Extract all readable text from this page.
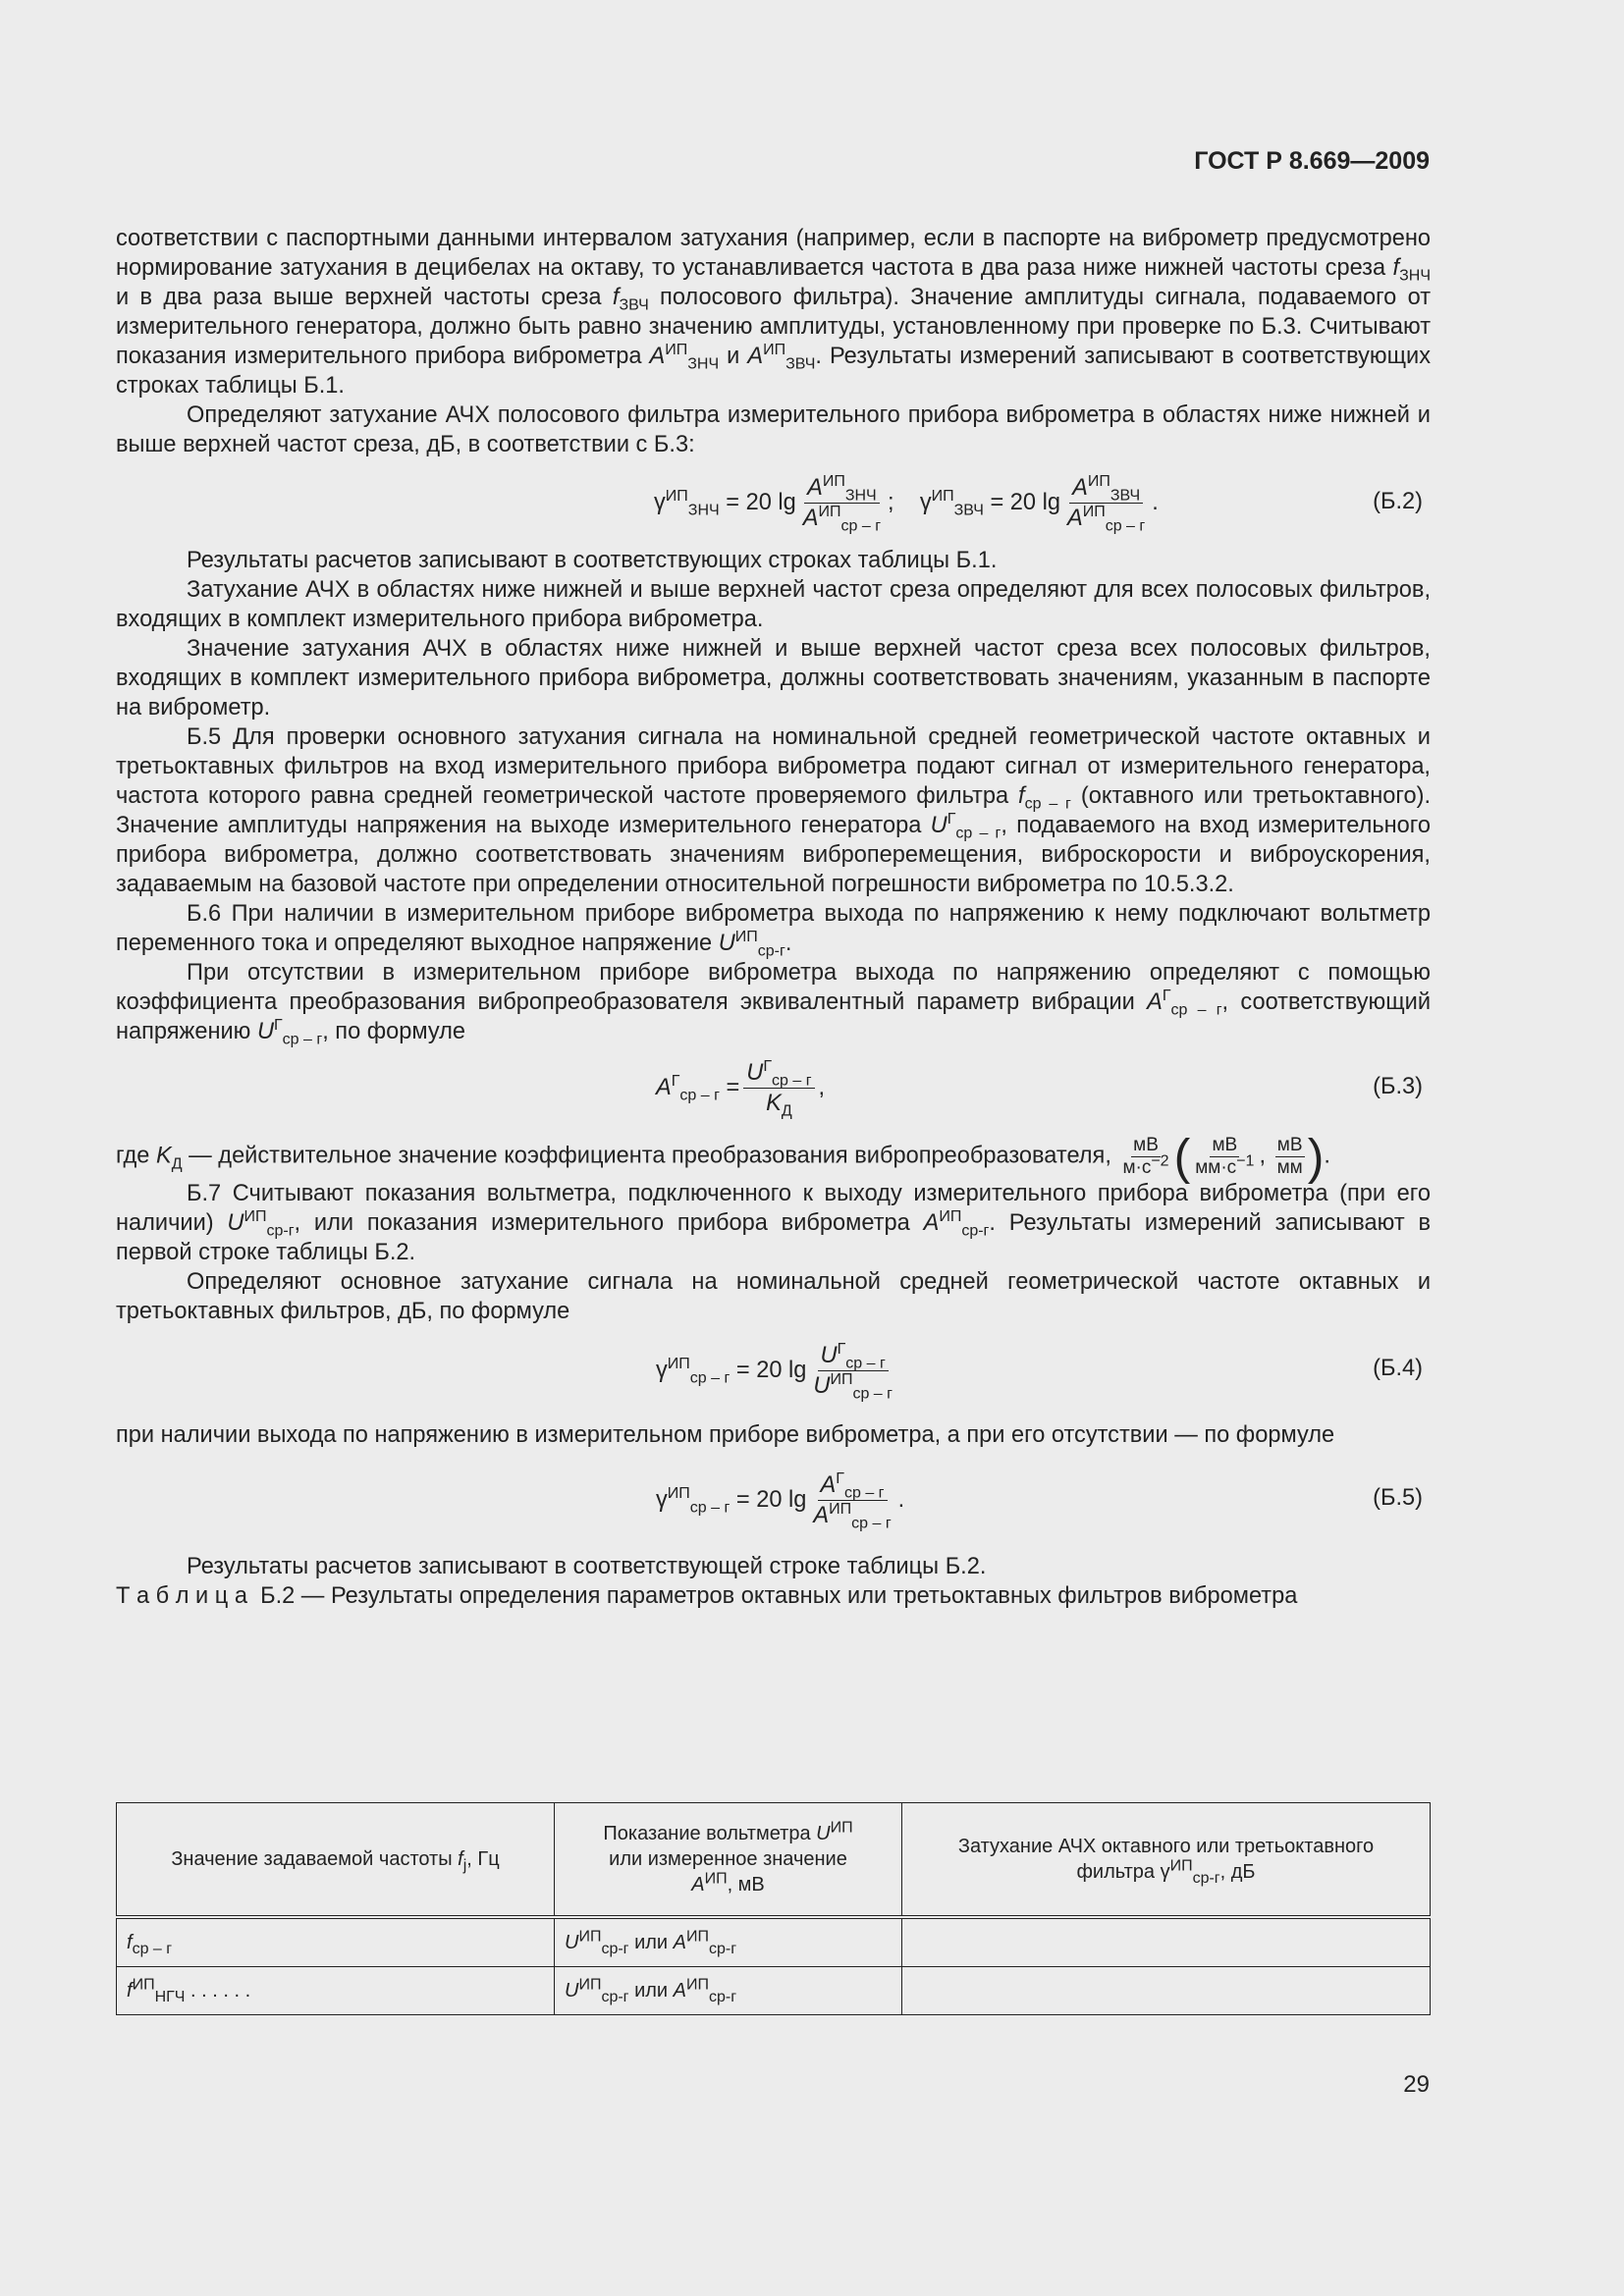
ГОСТ Р 8.669—2009

соответствии с паспортными данными интервалом затухания (например, если в паспорте на виброметр предусмотрено нормирование затухания в децибелах на октаву, то устанавливается частота в два раза ниже нижней частоты среза $f_{ЗНЧ}$ и в два раза выше верхней частоты среза $f_{ЗВЧ}$ полосового фильтра). Значение амплитуды сигнала, подаваемого от измерительного генератора, должно быть равно значению амплитуды, установленному при проверке по Б.3. Считывают показания измерительного прибора виброметра $A^{ИП}_{ЗНЧ}$ и $A^{ИП}_{ЗВЧ}$. Результаты измерений записывают в соответствующих строках таблицы Б.1.

Определяют затухание АЧХ полосового фильтра измерительного прибора виброметра в областях ниже нижней и выше верхней частот среза, дБ, в соответствии с Б.3:

$\gamma^{ИП}_{ЗНЧ}$
= 20 $\lg \frac{A^{ИП}_{ЗНЧ}}{A^{ИП}_{ср - г}}$ ; $\gamma^{ИП}_{ЗВЧ}$
= 20 $\lg \frac{A^{ИП}_{ЗВЧ}}{A^{ИП}_{ср - г}}$ .	(Б.2)

Результаты расчетов записывают в соответствующих строках таблицы Б.1.

Затухание АЧХ в областях ниже нижней и выше верхней частот среза определяют для всех полосовых фильтров, входящих в комплект измерительного прибора виброметра.

Значение затухания АЧХ в областях ниже нижней и выше верхней частот среза всех полосовых фильтров, входящих в комплект измерительного прибора виброметра, должны соответствовать значениям, указанным в паспорте на виброметр.

Б.5 Для проверки основного затухания сигнала на номинальной средней геометрической частоте октавных и третьоктавных фильтров на вход измерительного прибора виброметра подают сигнал от измерительного генератора, частота которого равна средней геометрической частоте проверяемого фильтра $f_{ср - г}$ (октавного или третьоктавного). Значение амплитуды напряжения на выходе измерительного генератора $U^Г_{ср - г}$, подаваемого на вход измерительного прибора виброметра, должно соответствовать значениям виброперемещения, виброскорости и виброускорения, задаваемым на базовой частоте при определении относительной погрешности виброметра по 10.5.3.2.

Б.6 При наличии в измерительном приборе виброметра выхода по напряжению к нему подключают вольтметр переменного тока и определяют выходное напряжение $U^{ИП}_{ср-г}$.

При отсутствии в измерительном приборе виброметра выхода по напряжению определяют с помощью коэффициента преобразования вибропреобразователя эквивалентный параметр вибрации $A^Г_{ср - г}$, соответствующий напряжению $U^Г_{ср - г}$, по формуле

$A^Г_{ср - г} = \frac{U^Г_{ср - г}}{K_Д}$ ,	(Б.3)

где $K_Д$ — действительное значение коэффициента преобразования вибропреобразователя, мВ
$м\cdot с^{-2}$ ( мВ
$мм\cdot с^{-1}$ , мВ
мм ).

Б.7 Считывают показания вольтметра, подключенного к выходу измерительного прибора виброметра (при его наличии) $U^{ИП}_{ср-г}$, или показания измерительного прибора виброметра $A^{ИП}_{ср-г}$. Результаты измерений записывают в первой строке таблицы Б.2.

Определяют основное затухание сигнала на номинальной средней геометрической частоте октавных и третьоктавных фильтров, дБ, по формуле

$\gamma^{ИП}_{ср - г}$
= 20 $\lg \frac{U^Г_{ср - г}}{U^{ИП}_{ср - г}}$	(Б.4)

при наличии выхода по напряжению в измерительном приборе виброметра, а при его отсутствии — по формуле

$\gamma^{ИП}_{ср - г}$
= 20 $\lg \frac{A^Г_{ср - г}}{A^{ИП}_{ср - г}}$ .	(Б.5)

Результаты расчетов записывают в соответствующей строке таблицы Б.2.

Т а б л и ц а Б.2 — Результаты определения параметров октавных или третьоктавных фильтров виброметра

Значение задаваемой частоты $f_j$, Гц	Показание вольтметра $U^{ИП}$
или измеренное значение
$A^{ИП}$, мВ	Затухание АЧХ октавного или третьоктавного
фильтра $\gamma^{ИП}_{ср-г}$, дБ
$f_{ср - г}$	$U^{ИП}_{ср-г}$ или $A^{ИП}_{ср-г}$	
$f^{ИП}_{НГЧ}$ . . . . . .	$U^{ИП}_{ср-г}$ или $A^{ИП}_{ср-г}$	
29
